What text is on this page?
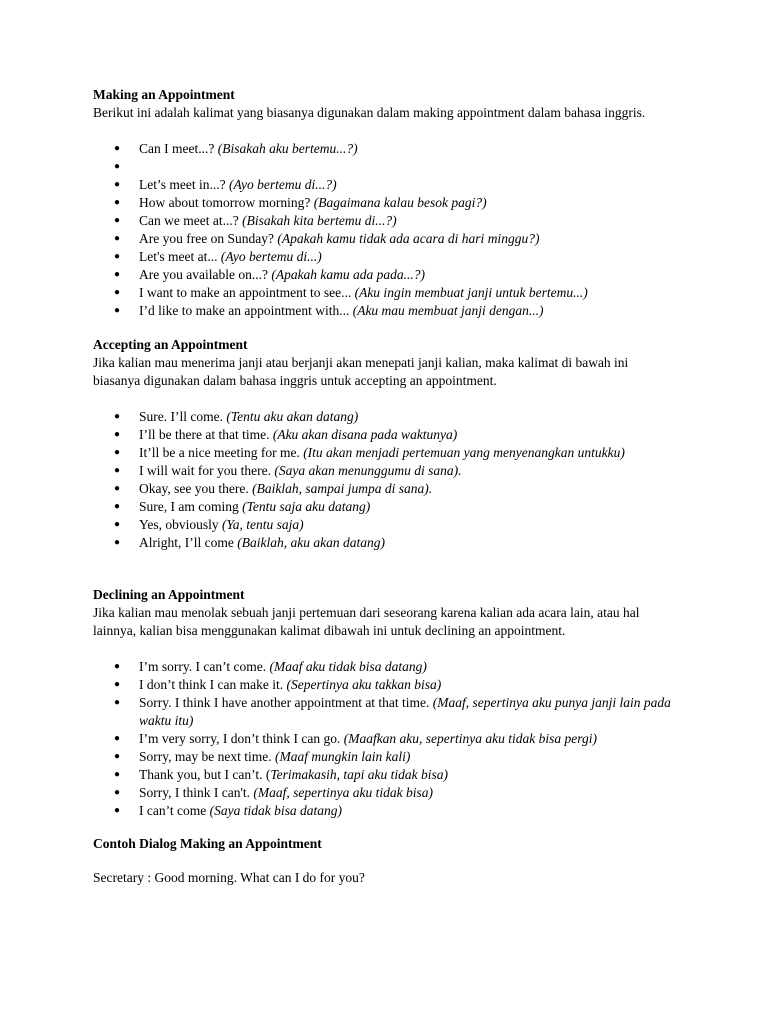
Making an Appointment

Berikut ini adalah kalimat yang biasanya digunakan dalam making appointment dalam bahasa inggris.

● Can I meet...? (Bisakah aku bertemu...?)
●

● Let’s meet in...? (Ayo bertemu di...?)
● How about tomorrow morning? (Bagaimana kalau besok pagi?)
● Can we meet at...? (Bisakah kita bertemu di...?)
● Are you free on Sunday? (Apakah kamu tidak ada acara di hari minggu?)
● Let's meet at... (Ayo bertemu di...)
● Are you available on...? (Apakah kamu ada pada...?)
● I want to make an appointment to see... (Aku ingin membuat janji untuk bertemu...)
● I’d like to make an appointment with... (Aku mau membuat janji dengan...)

Accepting an Appointment

Jika kalian mau menerima janji atau berjanji akan menepati janji kalian, maka kalimat di bawah ini biasanya digunakan dalam bahasa inggris untuk accepting an appointment.

● Sure. I’ll come. (Tentu aku akan datang)
● I’ll be there at that time. (Aku akan disana pada waktunya)
● It’ll be a nice meeting for me. (Itu akan menjadi pertemuan yang menyenangkan untukku)
● I will wait for you there. (Saya akan menunggumu di sana).
● Okay, see you there. (Baiklah, sampai jumpa di sana).
● Sure, I am coming (Tentu saja aku datang)
● Yes, obviously (Ya, tentu saja)
● Alright, I’ll come (Baiklah, aku akan datang)

Declining an Appointment

Jika kalian mau menolak sebuah janji pertemuan dari seseorang karena kalian ada acara lain, atau hal lainnya, kalian bisa menggunakan kalimat dibawah ini untuk declining an appointment.

● I’m sorry. I can’t come. (Maaf aku tidak bisa datang)
● I don’t think I can make it. (Sepertinya aku takkan bisa)
● Sorry. I think I have another appointment at that time. (Maaf, sepertinya aku punya janji lain pada waktu itu)
● I’m very sorry, I don’t think I can go. (Maafkan aku, sepertinya aku tidak bisa pergi)
● Sorry, may be next time. (Maaf mungkin lain kali)
● Thank you, but I can’t. (Terimakasih, tapi aku tidak bisa)
● Sorry, I think I can't. (Maaf, sepertinya aku tidak bisa)
● I can’t come (Saya tidak bisa datang)

Contoh Dialog Making an Appointment

Secretary : Good morning. What can I do for you?
